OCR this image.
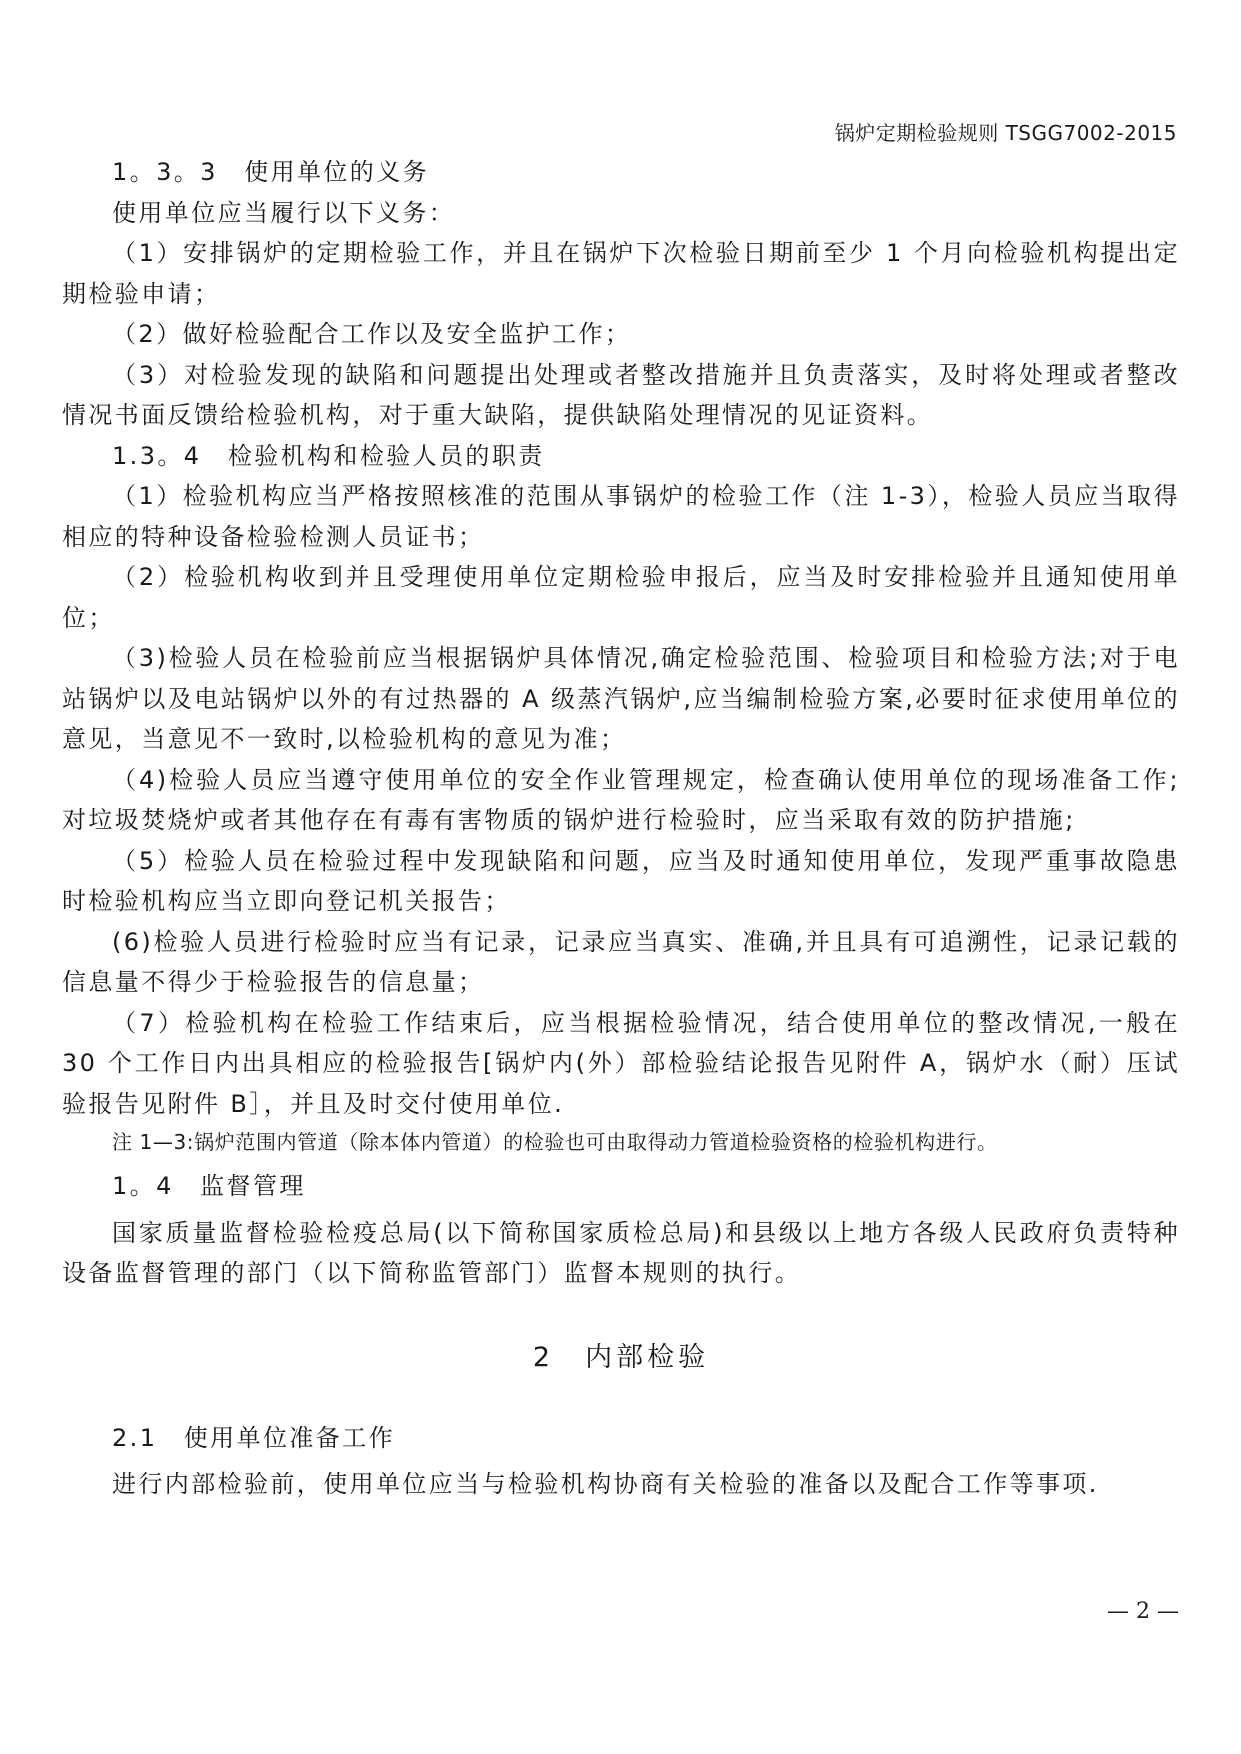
锅炉定期检验规则 TSGG7002-2015

1。3。3　使用单位的义务

使用单位应当履行以下义务：

（1）安排锅炉的定期检验工作，并且在锅炉下次检验日期前至少 1 个月向检验机构提出定期检验申请；

（2）做好检验配合工作以及安全监护工作；

（3）对检验发现的缺陷和问题提出处理或者整改措施并且负责落实，及时将处理或者整改情况书面反馈给检验机构，对于重大缺陷，提供缺陷处理情况的见证资料。

1.3。4　检验机构和检验人员的职责

（1）检验机构应当严格按照核准的范围从事锅炉的检验工作（注 1-3），检验人员应当取得相应的特种设备检验检测人员证书；

（2）检验机构收到并且受理使用单位定期检验申报后，应当及时安排检验并且通知使用单位；

（3)检验人员在检验前应当根据锅炉具体情况,确定检验范围、检验项目和检验方法;对于电站锅炉以及电站锅炉以外的有过热器的 A 级蒸汽锅炉,应当编制检验方案,必要时征求使用单位的意见，当意见不一致时,以检验机构的意见为准；

（4)检验人员应当遵守使用单位的安全作业管理规定，检查确认使用单位的现场准备工作;对垃圾焚烧炉或者其他存在有毒有害物质的锅炉进行检验时，应当采取有效的防护措施;

（5）检验人员在检验过程中发现缺陷和问题，应当及时通知使用单位，发现严重事故隐患时检验机构应当立即向登记机关报告；

(6)检验人员进行检验时应当有记录，记录应当真实、准确,并且具有可追溯性，记录记载的信息量不得少于检验报告的信息量；

（7）检验机构在检验工作结束后，应当根据检验情况，结合使用单位的整改情况,一般在 30 个工作日内出具相应的检验报告[锅炉内(外）部检验结论报告见附件 A，锅炉水（耐）压试验报告见附件 B］，并且及时交付使用单位.

注 1—3:锅炉范围内管道（除本体内管道）的检验也可由取得动力管道检验资格的检验机构进行。

1。4　监督管理

国家质量监督检验检疫总局(以下简称国家质检总局)和县级以上地方各级人民政府负责特种设备监督管理的部门（以下简称监管部门）监督本规则的执行。

2　内部检验

2.1　使用单位准备工作

进行内部检验前，使用单位应当与检验机构协商有关检验的准备以及配合工作等事项.

— 2 —
